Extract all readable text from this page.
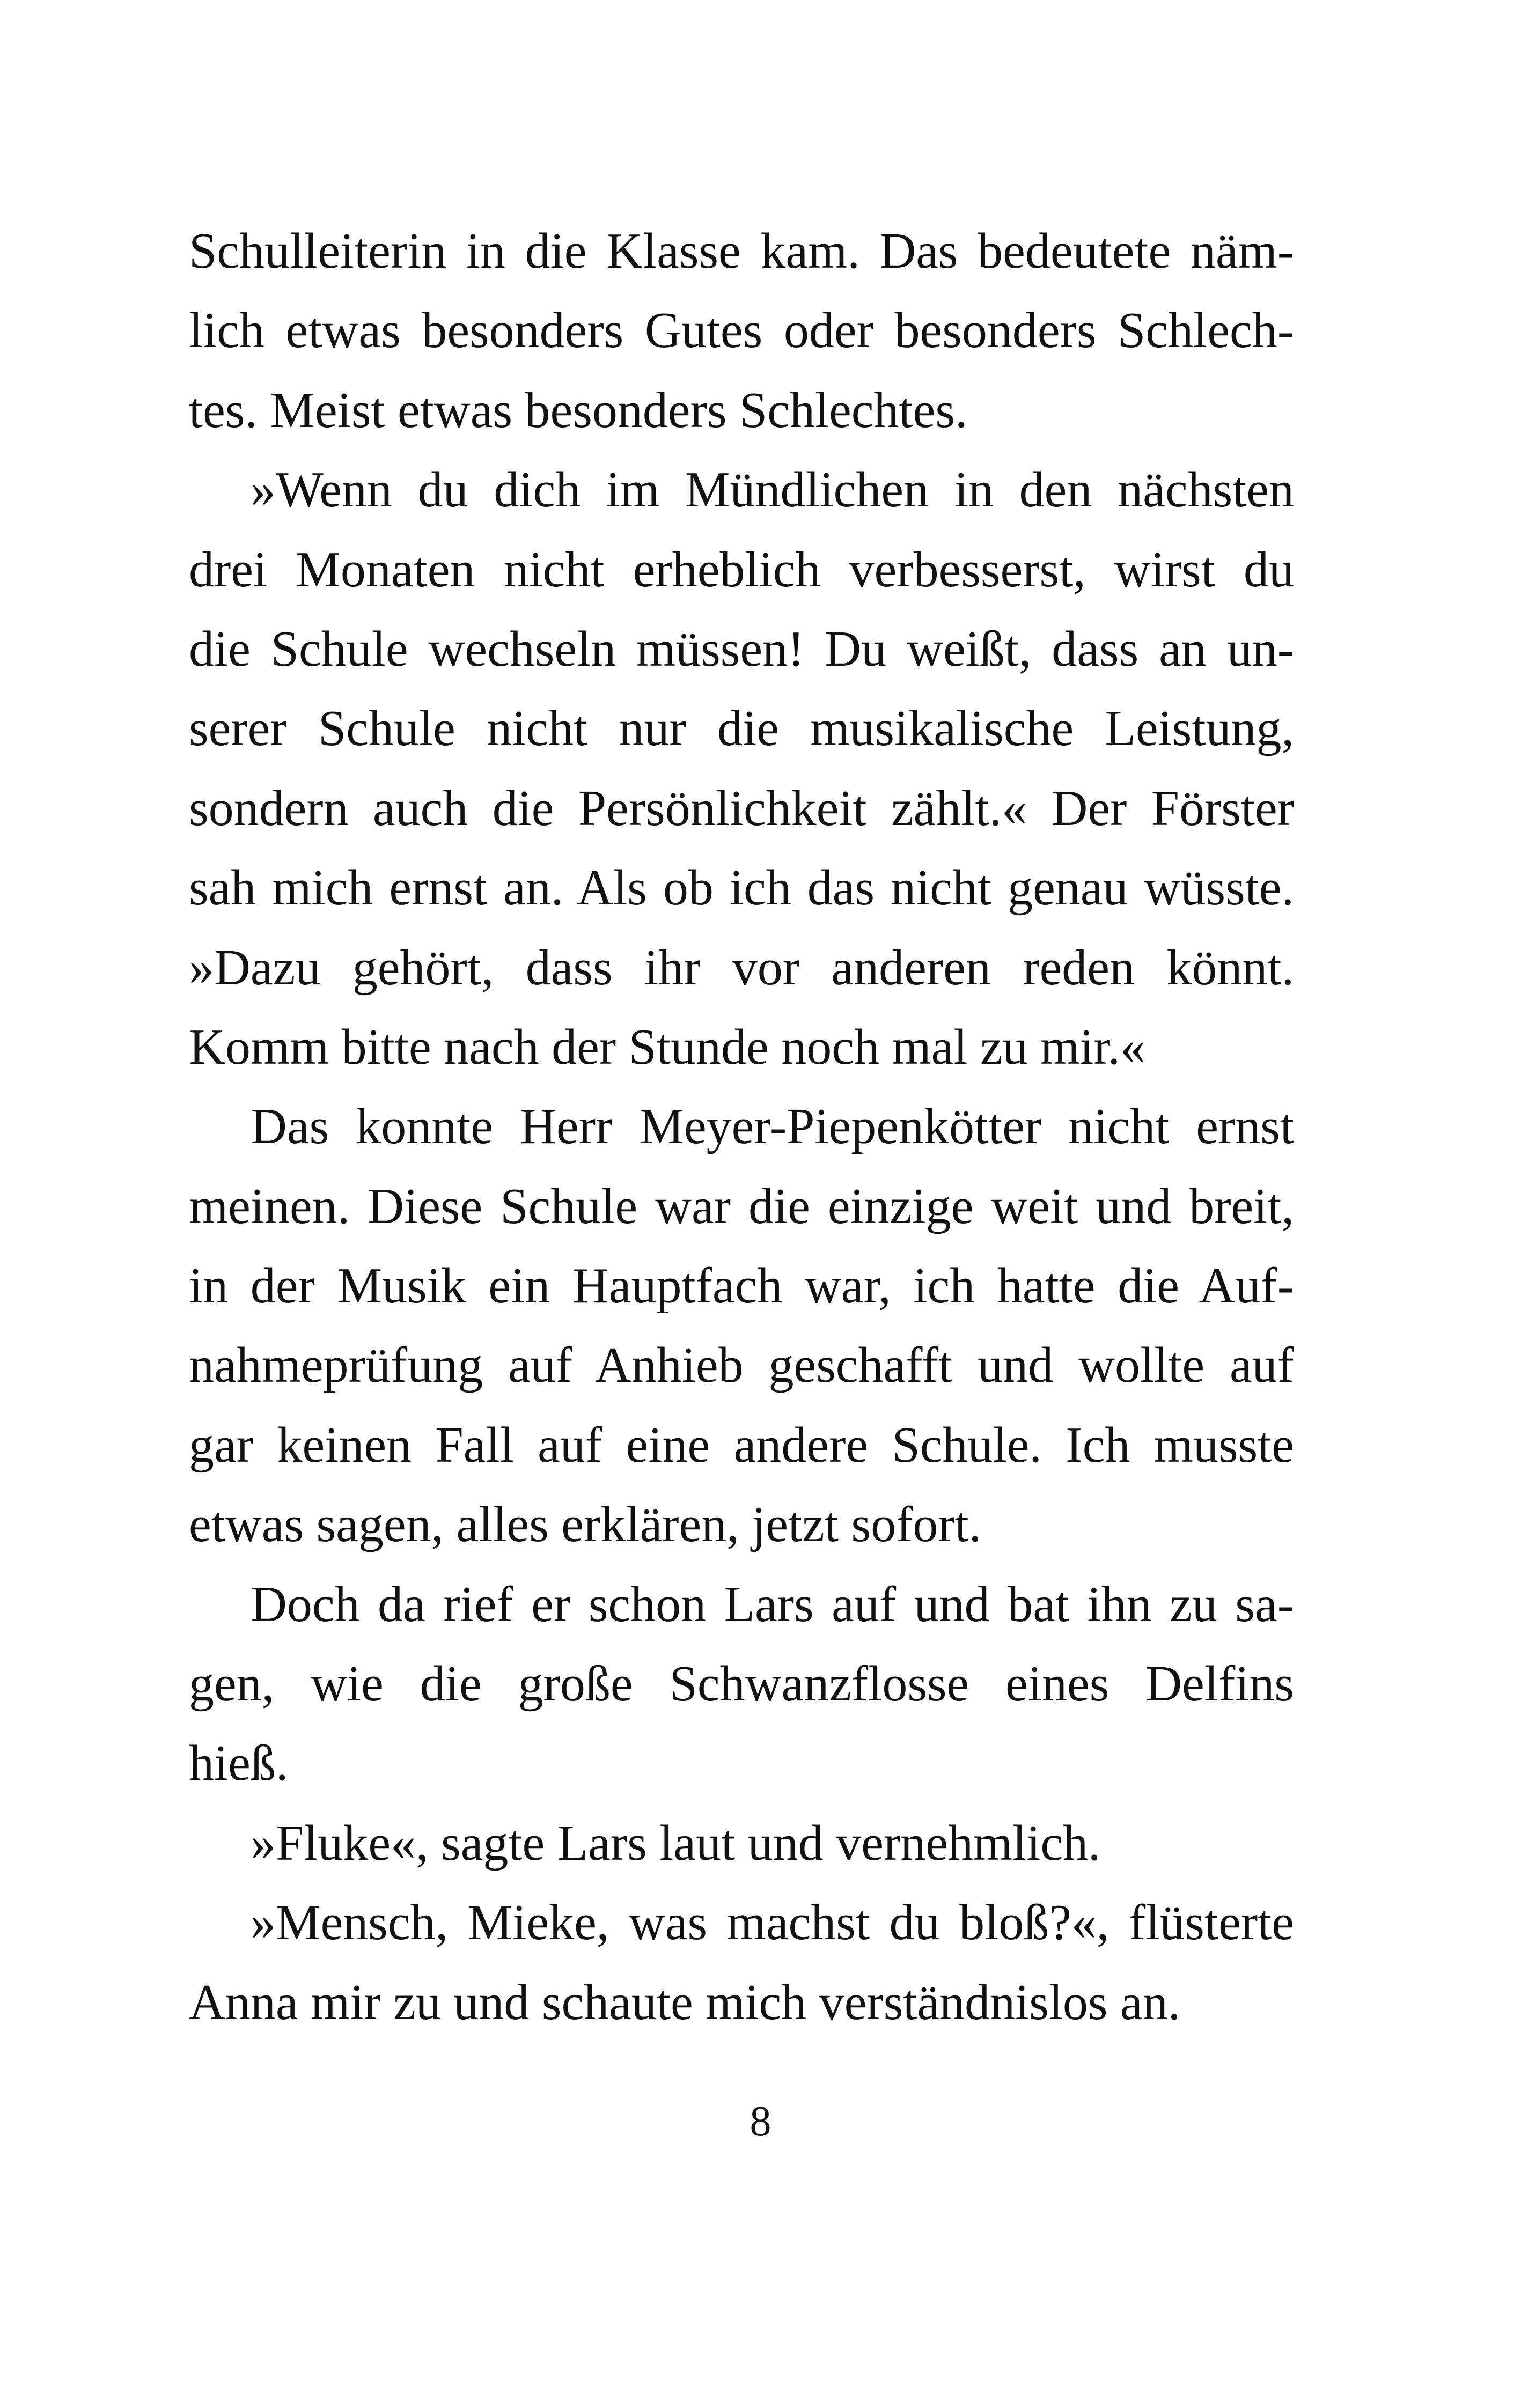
Schulleiterin in die Klasse kam. Das bedeutete näm-
lich etwas besonders Gutes oder besonders Schlech-
tes. Meist etwas besonders Schlechtes.
»Wenn du dich im Mündlichen in den nächsten
drei Monaten nicht erheblich verbesserst, wirst du
die Schule wechseln müssen! Du weißt, dass an un-
serer Schule nicht nur die musikalische Leistung,
sondern auch die Persönlichkeit zählt.« Der Förster
sah mich ernst an. Als ob ich das nicht genau wüsste.
»Dazu gehört, dass ihr vor anderen reden könnt.
Komm bitte nach der Stunde noch mal zu mir.«
Das konnte Herr Meyer-Piepenkötter nicht ernst
meinen. Diese Schule war die einzige weit und breit,
in der Musik ein Hauptfach war, ich hatte die Auf-
nahmeprüfung auf Anhieb geschafft und wollte auf
gar keinen Fall auf eine andere Schule. Ich musste
etwas sagen, alles erklären, jetzt sofort.
Doch da rief er schon Lars auf und bat ihn zu sa-
gen, wie die große Schwanzflosse eines Delfins
hieß.
»Fluke«, sagte Lars laut und vernehmlich.
»Mensch, Mieke, was machst du bloß?«, flüsterte
Anna mir zu und schaute mich verständnislos an.
8
